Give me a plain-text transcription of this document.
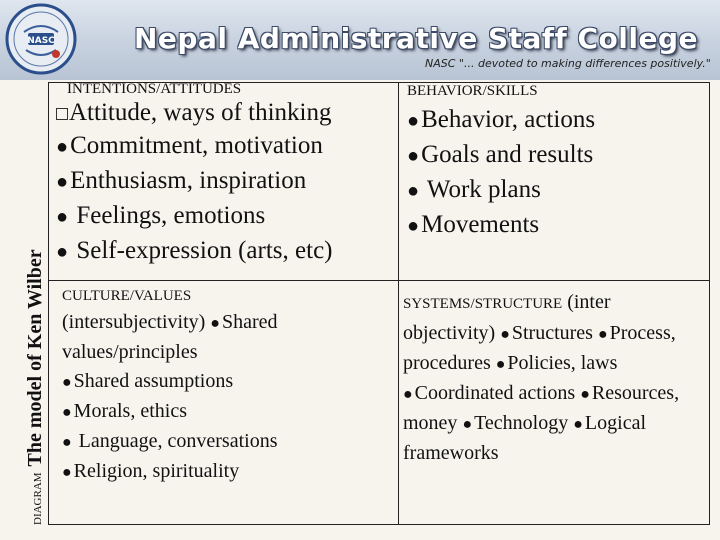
NASC	Nepal Administrative Staff College
NASC "... devoted to making differences positively."
DIAGRAMThe model of Ken Wilber
INTENTIONS/ATTITUDES
Attitude, ways of thinking
●Commitment, motivation
●Enthusiasm, inspiration
● Feelings, emotions
● Self-expression (arts, etc)
BEHAVIOR/SKILLS
●Behavior, actions
●Goals and results
● Work plans
●Movements
CULTURE/VALUES
(intersubjectivity) ● Shared values/principles
● Shared assumptions
● Morals, ethics
● Language, conversations
● Religion, spirituality
SYSTEMS/STRUCTURE (inter objectivity) ● Structures ● Process, procedures ● Policies, laws ● Coordinated actions ● Resources, money ● Technology ● Logical frameworks
